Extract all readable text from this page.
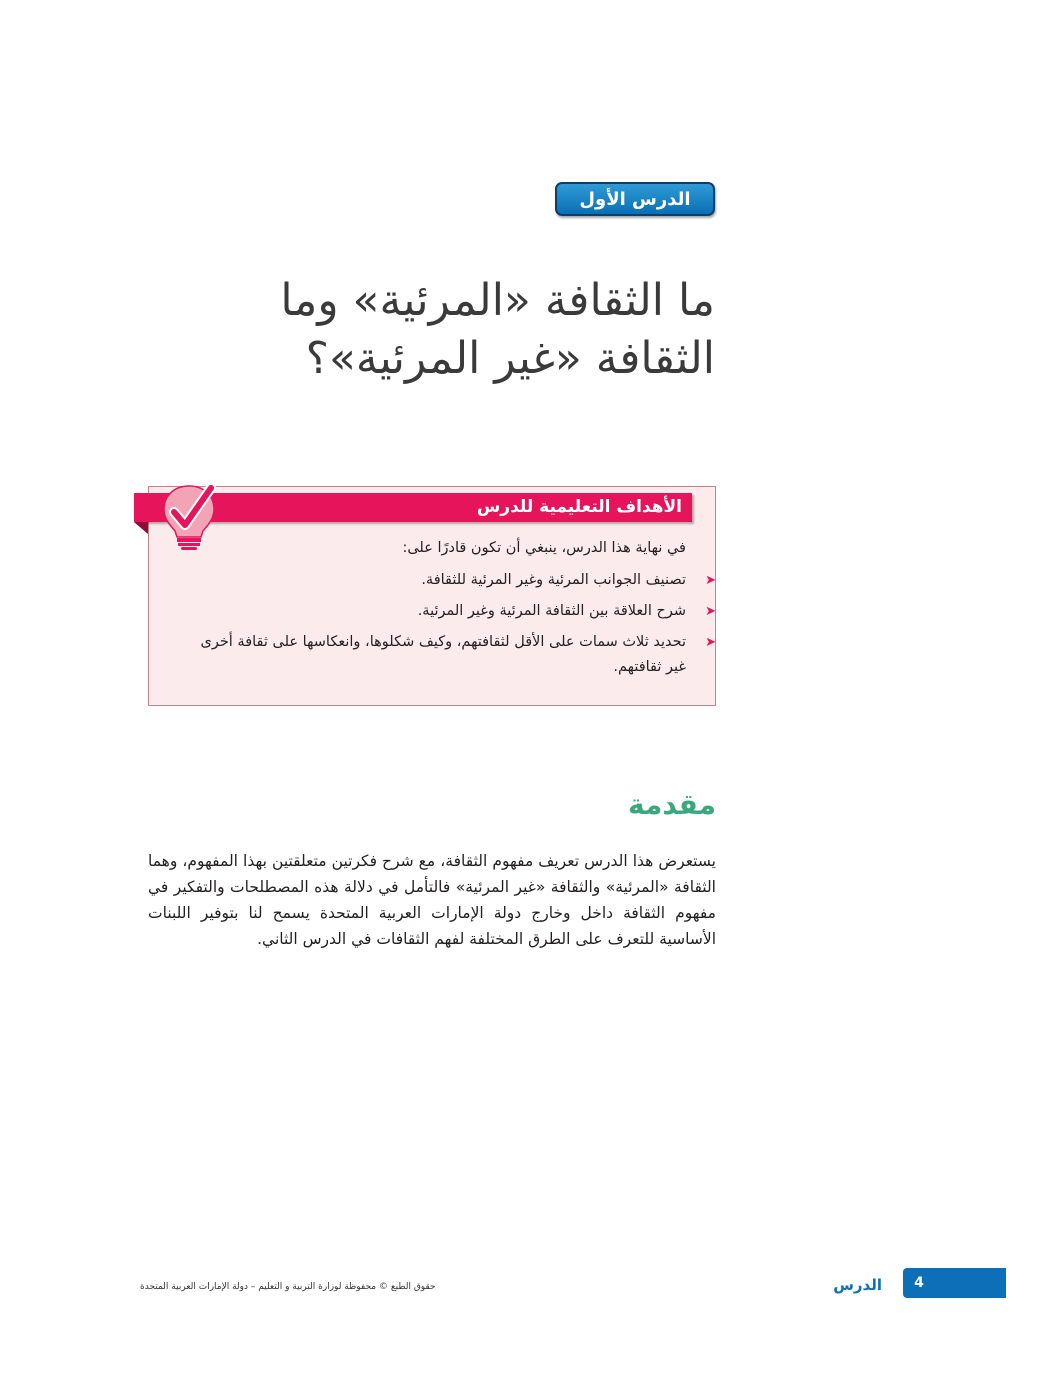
الدرس الأول
ما الثقافة «المرئية» وما
الثقافة «غير المرئية»؟
الأهداف التعليمية للدرس

في نهاية هذا الدرس، ينبغي أن تكون قادرًا على:

➤
تصنيف الجوانب المرئية وغير المرئية للثقافة.
➤
شرح العلاقة بين الثقافة المرئية وغير المرئية.
➤
تحديد ثلاث سمات على الأقل لثقافتهم، وكيف شكلوها، وانعكاسها على ثقافة أخرى غير ثقافتهم.
مقدمة

يستعرض هذا الدرس تعريف مفهوم الثقافة، مع شرح فكرتين متعلقتين بهذا المفهوم، وهما الثقافة «المرئية» والثقافة «غير المرئية» فالتأمل في دلالة هذه المصطلحات والتفكير في مفهوم الثقافة داخل وخارج دولة الإمارات العربية المتحدة يسمح لنا بتوفير اللبنات الأساسية للتعرف على الطرق المختلفة لفهم الثقافات في الدرس الثاني.

حقوق الطبع © محفوظة لوزارة التربية و التعليم – دولة الإمارات العربية المتحدة	الدرس 4
